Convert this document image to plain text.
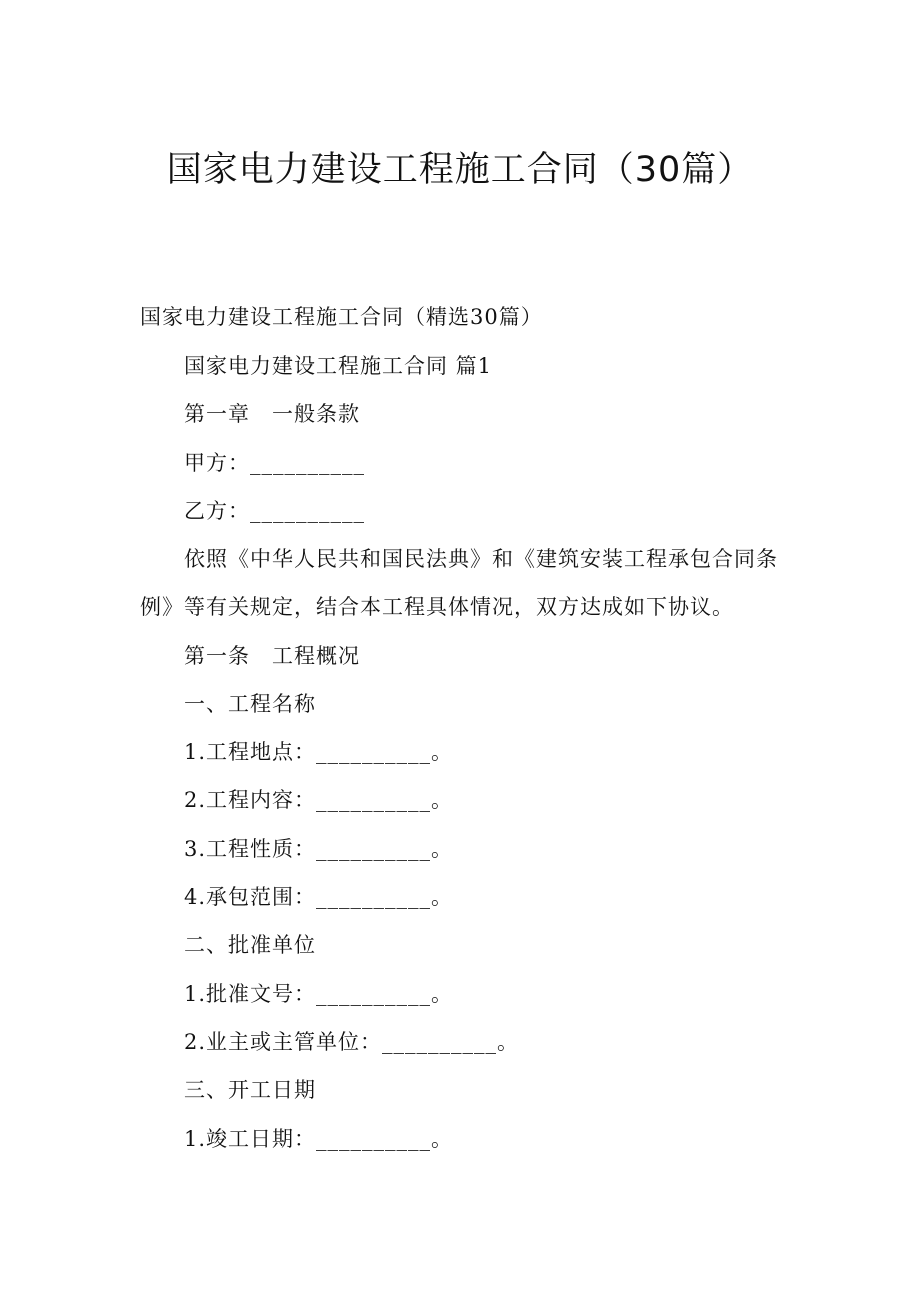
国家电力建设工程施工合同（30篇）

国家电力建设工程施工合同（精选30篇）

国家电力建设工程施工合同 篇1

第一章　一般条款

甲方：__________

乙方：__________

依照《中华人民共和国民法典》和《建筑安装工程承包合同条

例》等有关规定，结合本工程具体情况，双方达成如下协议。

第一条　工程概况

一、工程名称

1.工程地点：__________。

2.工程内容：__________。

3.工程性质：__________。

4.承包范围：__________。

二、批准单位

1.批准文号：__________。

2.业主或主管单位：__________。

三、开工日期

1.竣工日期：__________。
